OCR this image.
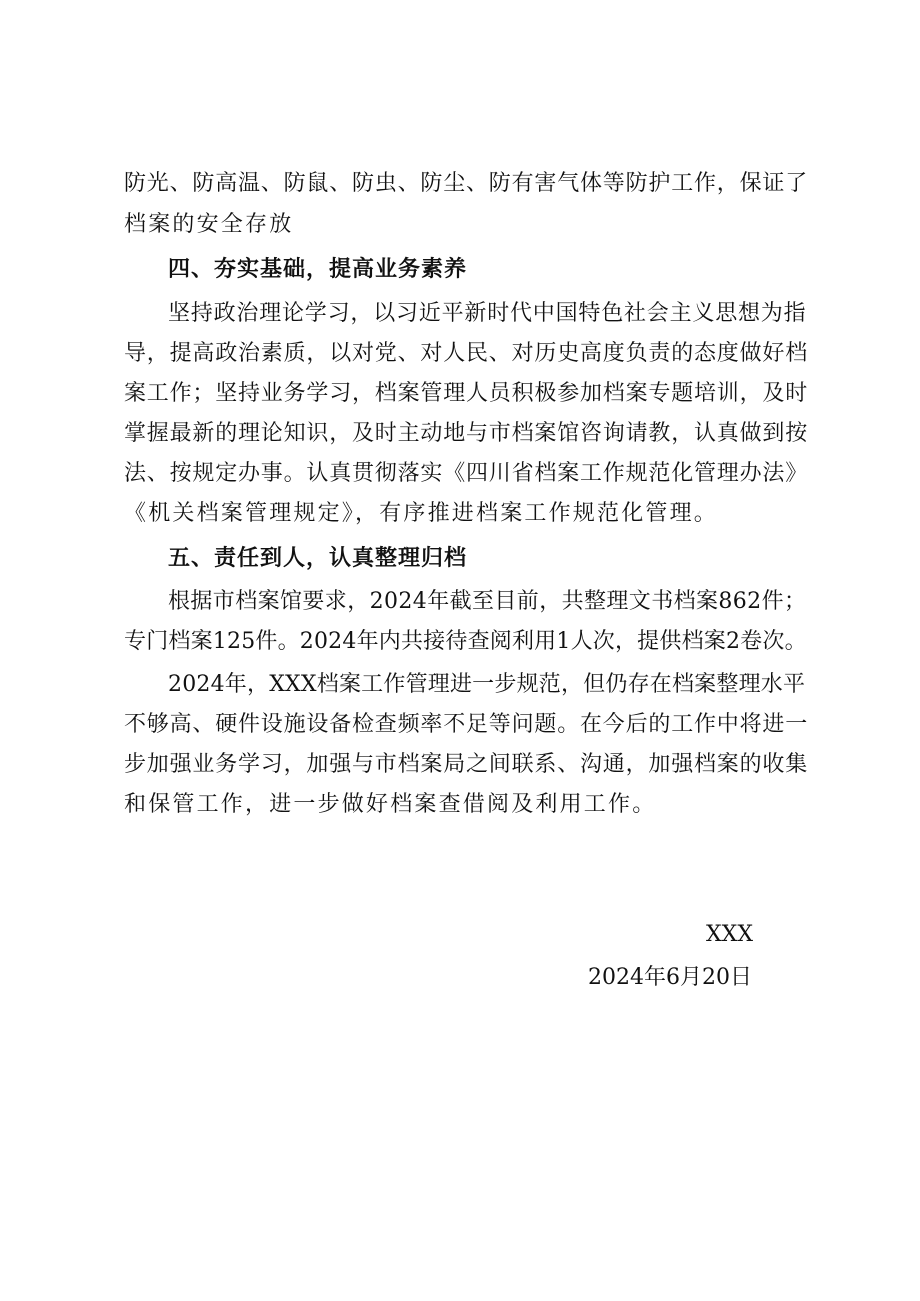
防光、防高温、防鼠、防虫、防尘、防有害气体等防护工作，保证了
档案的安全存放
四、夯实基础，提高业务素养
坚持政治理论学习，以习近平新时代中国特色社会主义思想为指
导，提高政治素质，以对党、对人民、对历史高度负责的态度做好档
案工作；坚持业务学习，档案管理人员积极参加档案专题培训，及时
掌握最新的理论知识，及时主动地与市档案馆咨询请教，认真做到按
法、按规定办事。认真贯彻落实《四川省档案工作规范化管理办法》
《机关档案管理规定》，有序推进档案工作规范化管理。
五、责任到人，认真整理归档
根据市档案馆要求，2024年截至目前，共整理文书档案862件；
专门档案125件。2024年内共接待查阅利用1人次，提供档案2卷次。
2024年，XXX档案工作管理进一步规范，但仍存在档案整理水平
不够高、硬件设施设备检查频率不足等问题。在今后的工作中将进一
步加强业务学习，加强与市档案局之间联系、沟通，加强档案的收集
和保管工作，进一步做好档案查借阅及利用工作。
XXX
2024年6月20日
